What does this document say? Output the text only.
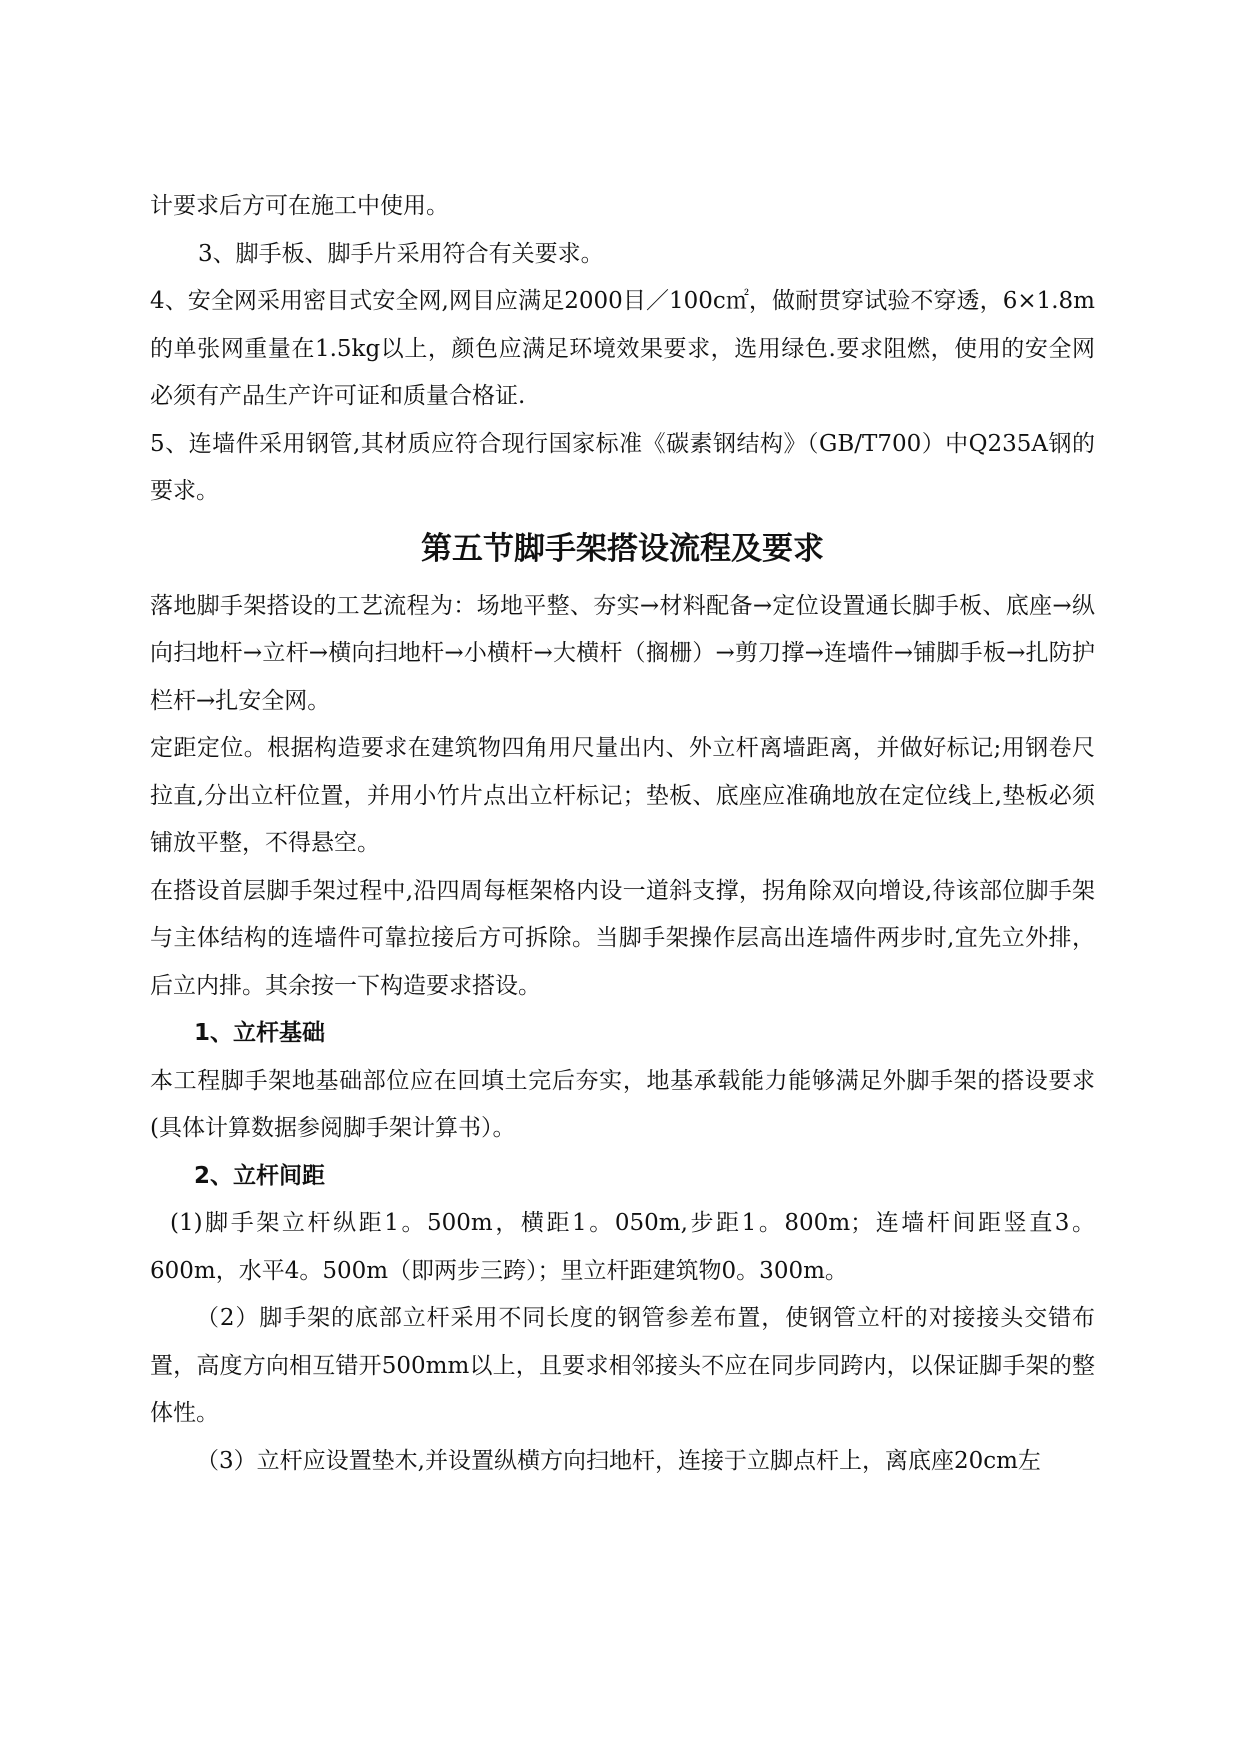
计要求后方可在施工中使用。

3、脚手板、脚手片采用符合有关要求。

4、安全网采用密目式安全网,网目应满足2000目／100c㎡，做耐贯穿试验不穿透，6×1.8m的单张网重量在1.5kg以上，颜色应满足环境效果要求，选用绿色.要求阻燃，使用的安全网必须有产品生产许可证和质量合格证.

5、连墙件采用钢管,其材质应符合现行国家标准《碳素钢结构》（GB/T700）中Q235A钢的要求。

第五节脚手架搭设流程及要求

落地脚手架搭设的工艺流程为：场地平整、夯实→材料配备→定位设置通长脚手板、底座→纵向扫地杆→立杆→横向扫地杆→小横杆→大横杆（搁栅）→剪刀撑→连墙件→铺脚手板→扎防护栏杆→扎安全网。

定距定位。根据构造要求在建筑物四角用尺量出内、外立杆离墙距离，并做好标记;用钢卷尺拉直,分出立杆位置，并用小竹片点出立杆标记；垫板、底座应准确地放在定位线上,垫板必须铺放平整，不得悬空。

在搭设首层脚手架过程中,沿四周每框架格内设一道斜支撑，拐角除双向增设,待该部位脚手架与主体结构的连墙件可靠拉接后方可拆除。当脚手架操作层高出连墙件两步时,宜先立外排，后立内排。其余按一下构造要求搭设。

1、立杆基础

本工程脚手架地基础部位应在回填土完后夯实，地基承载能力能够满足外脚手架的搭设要求(具体计算数据参阅脚手架计算书）。

2、立杆间距

(1)脚手架立杆纵距1。500m，横距1。050m,步距1。800m；连墙杆间距竖直3。600m，水平4。500m（即两步三跨）；里立杆距建筑物0。300m。

（2）脚手架的底部立杆采用不同长度的钢管参差布置，使钢管立杆的对接接头交错布置，高度方向相互错开500mm以上，且要求相邻接头不应在同步同跨内，以保证脚手架的整体性。

（3）立杆应设置垫木,并设置纵横方向扫地杆，连接于立脚点杆上，离底座20cm左
